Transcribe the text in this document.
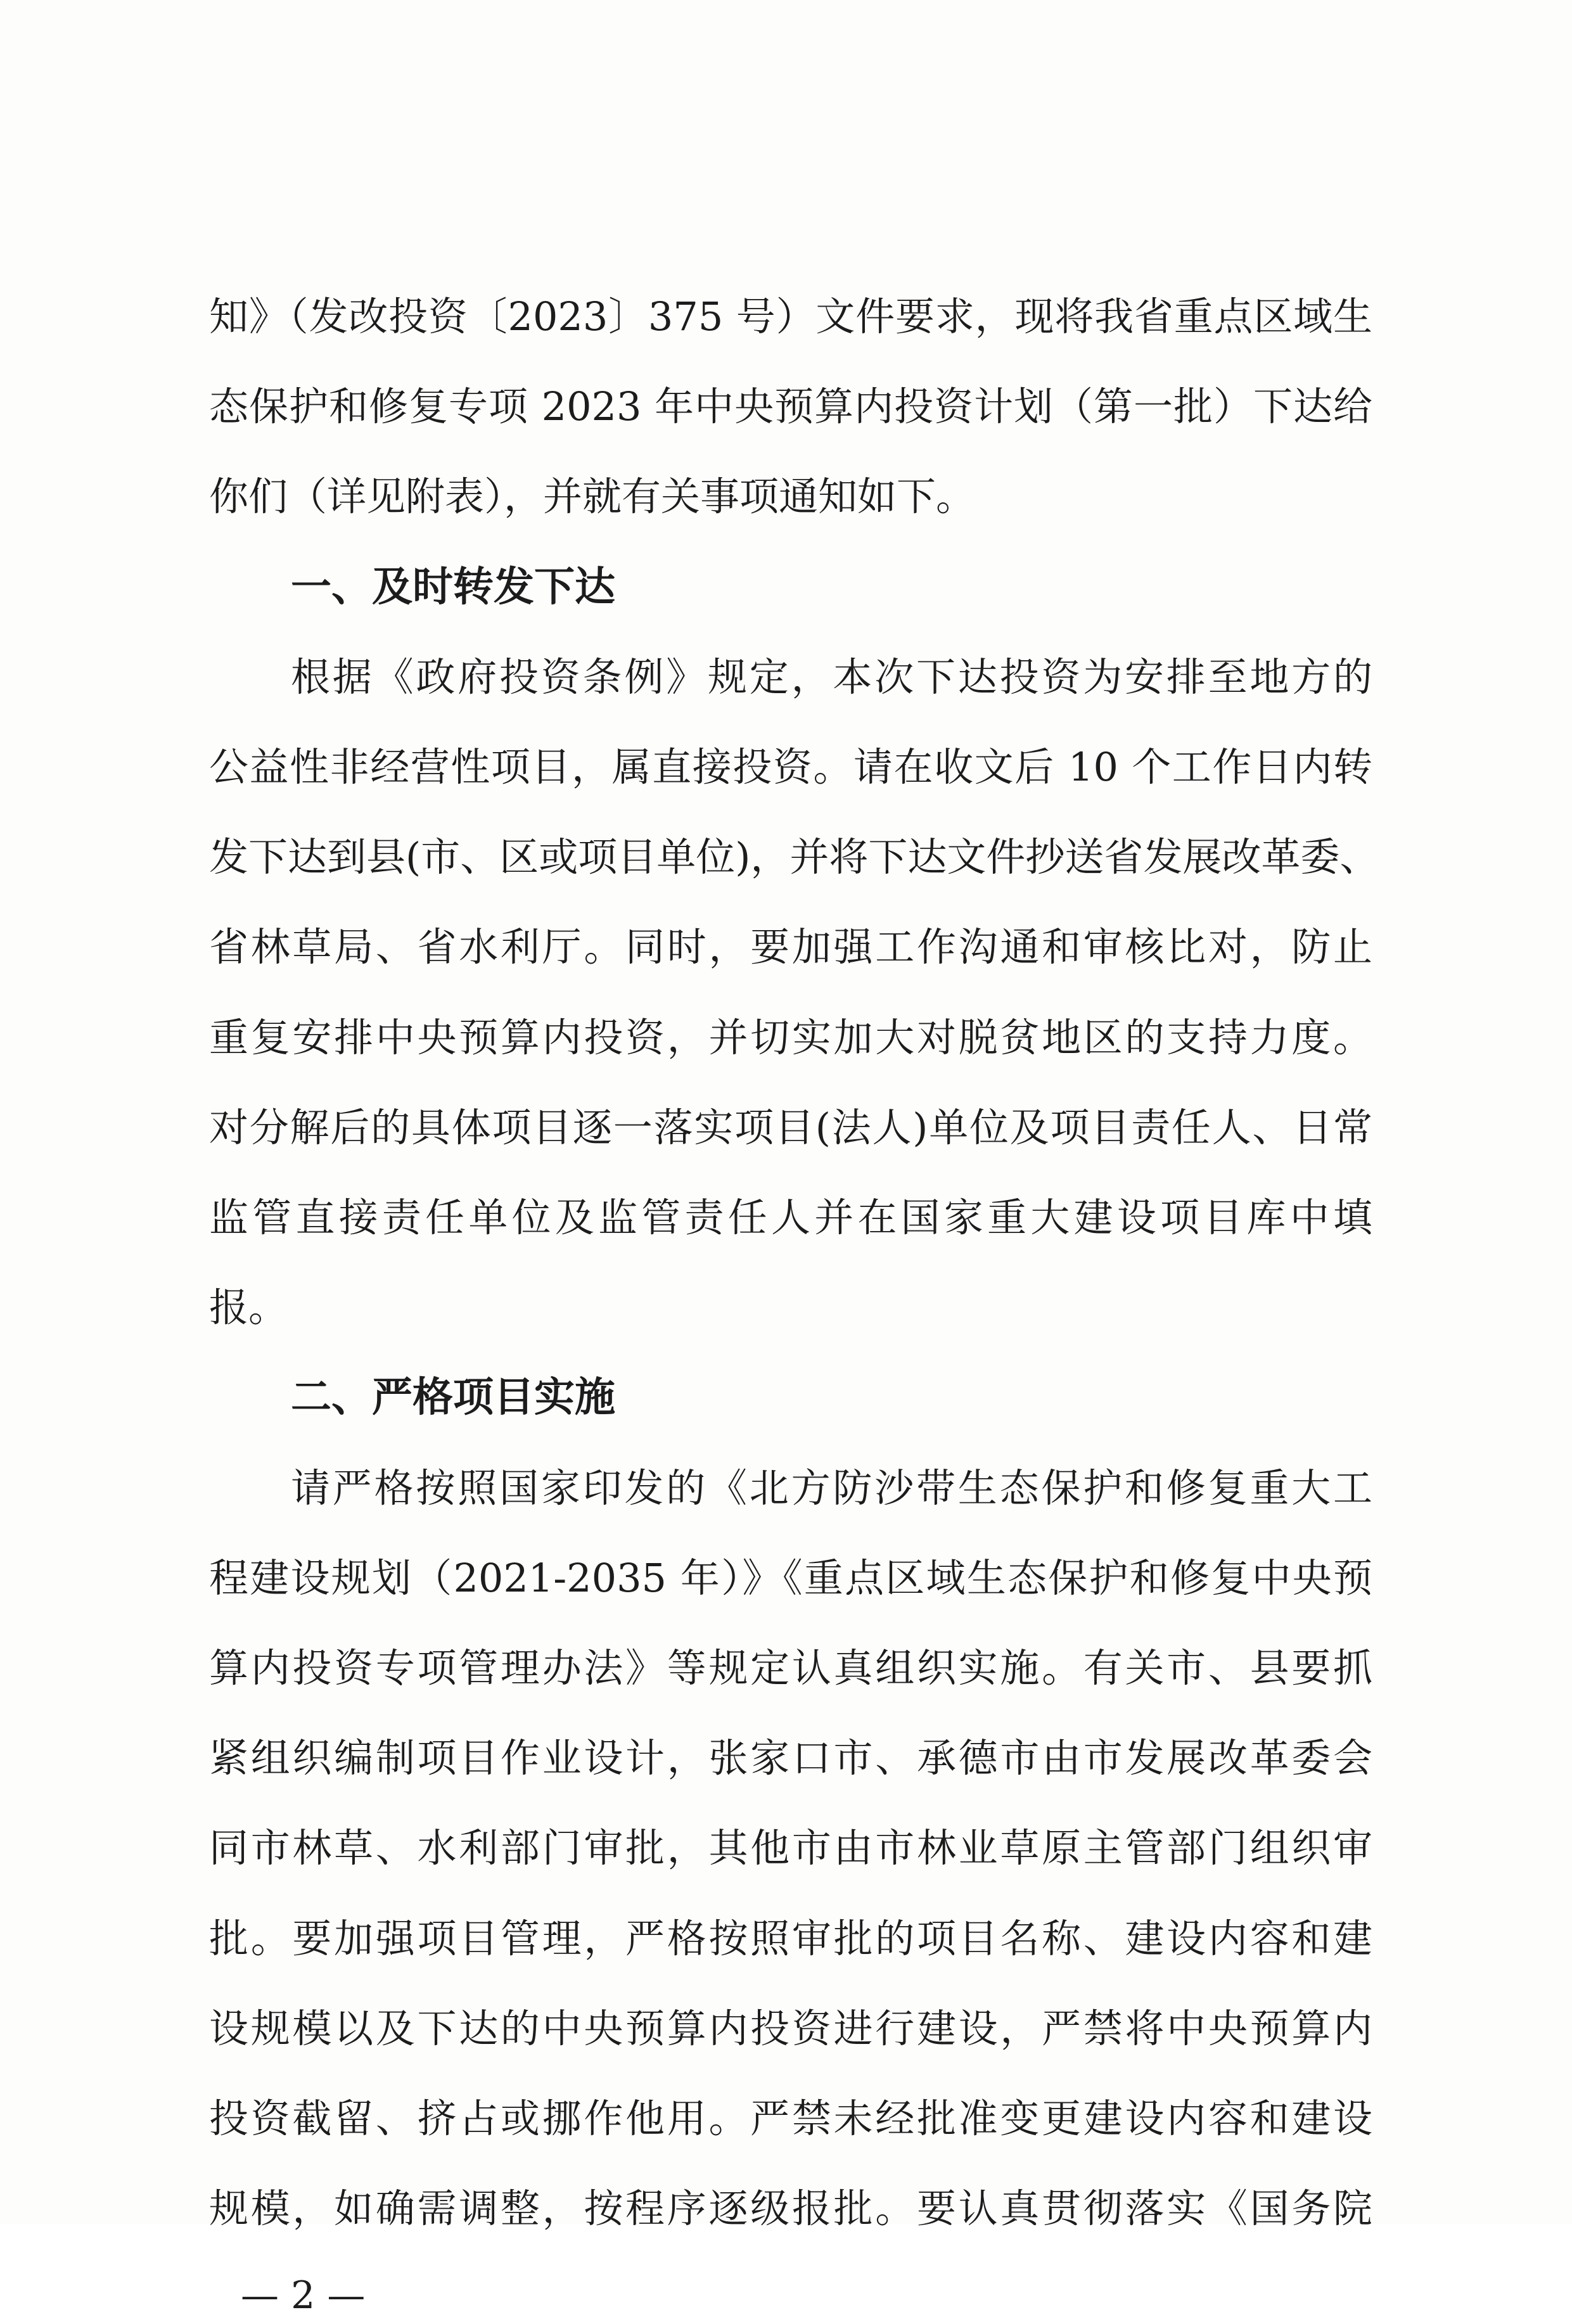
知》（发改投资〔2023〕375 号）文件要求，现将我省重点区域生
态保护和修复专项 2023 年中央预算内投资计划（第一批）下达给
你们（详见附表），并就有关事项通知如下。
一、及时转发下达
根据《政府投资条例》规定，本次下达投资为安排至地方的
公益性非经营性项目，属直接投资。请在收文后 10 个工作日内转
发下达到县(市、区或项目单位)，并将下达文件抄送省发展改革委、
省林草局、省水利厅。同时，要加强工作沟通和审核比对，防止
重复安排中央预算内投资，并切实加大对脱贫地区的支持力度。
对分解后的具体项目逐一落实项目(法人)单位及项目责任人、日常
监管直接责任单位及监管责任人并在国家重大建设项目库中填
报。
二、严格项目实施
请严格按照国家印发的《北方防沙带生态保护和修复重大工
程建设规划（2021-2035 年）》《重点区域生态保护和修复中央预
算内投资专项管理办法》等规定认真组织实施。有关市、县要抓
紧组织编制项目作业设计，张家口市、承德市由市发展改革委会
同市林草、水利部门审批，其他市由市林业草原主管部门组织审
批。要加强项目管理，严格按照审批的项目名称、建设内容和建
设规模以及下达的中央预算内投资进行建设，严禁将中央预算内
投资截留、挤占或挪作他用。严禁未经批准变更建设内容和建设
— 2 —
规模，如确需调整，按程序逐级报批。要认真贯彻落实《国务院
